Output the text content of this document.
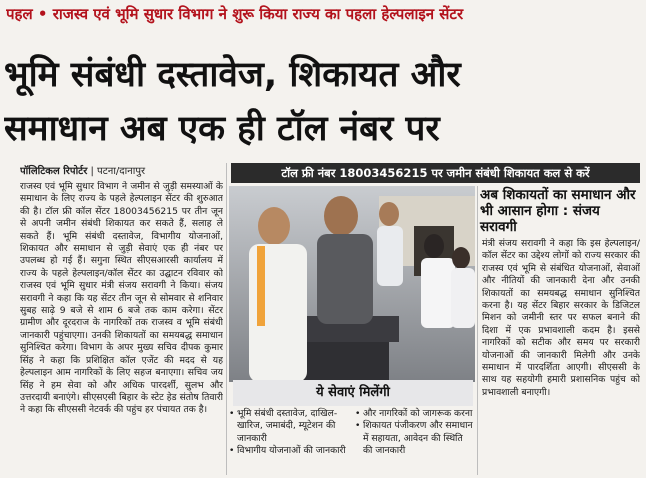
पहल • राजस्व एवं भूमि सुधार विभाग ने शुरू किया राज्य का पहला हेल्पलाइन सेंटर
भूमि संबंधी दस्तावेज, शिकायत और
समाधान अब एक ही टॉल नंबर पर
पॉलिटिकल रिपोर्टर | पटना/दानापुर
राजस्व एवं भूमि सुधार विभाग ने जमीन से जुड़ी समस्याओं के समाधान के लिए राज्य के पहले हेल्पलाइन सेंटर की शुरुआत की है। टॉल फ्री कॉल सेंटर 18003456215 पर तीन जून से अपनी जमीन संबंधी शिकायत कर सकते हैं, सलाह ले सकते हैं। भूमि संबंधी दस्तावेज, विभागीय योजनाओं, शिकायत और समाधान से जुड़ी सेवाएं एक ही नंबर पर उपलब्ध हो गई हैं। सगुना स्थित सीएसआरसी कार्यालय में राज्य के पहले हेल्पलाइन/कॉल सेंटर का उद्घाटन रविवार को राजस्व एवं भूमि सुधार मंत्री संजय सरावगी ने किया। संजय सरावगी ने कहा कि यह सेंटर तीन जून से सोमवार से शनिवार सुबह साढ़े 9 बजे से शाम 6 बजे तक काम करेगा। सेंटर ग्रामीण और दूरदराज के नागरिकों तक राजस्व व भूमि संबंधी जानकारी पहुंचाएगा। उनकी शिकायतों का समयबद्ध समाधान सुनिश्चित करेगा। विभाग के अपर मुख्य सचिव दीपक कुमार सिंह ने कहा कि प्रशिक्षित कॉल एजेंट की मदद से यह हेल्पलाइन आम नागरिकों के लिए सहज बनाएगा। सचिव जय सिंह ने हम सेवा को और अधिक पारदर्शी, सुलभ और उत्तरदायी बनाएंगे। सीएसएसी बिहार के स्टेट हेड संतोष तिवारी ने कहा कि सीएससी नेटवर्क की पहुंच हर पंचायत तक है।
टॉल फ्री नंबर 18003456215 पर जमीन संबंधी शिकायत कल से करें
ये सेवाएं मिलेंगी
• भूमि संबंधी दस्तावेज, दाखिल-खारिज, जमाबंदी, म्यूटेशन की जानकारी
• विभागीय योजनाओं की जानकारी
• और नागरिकों को जागरूक करना
• शिकायत पंजीकरण और समाधान में सहायता, आवेदन की स्थिति की जानकारी
अब शिकायतों का समाधान और भी आसान होगा : संजय सरावगी
मंत्री संजय सरावगी ने कहा कि इस हेल्पलाइन/कॉल सेंटर का उद्देश्य लोगों को राज्य सरकार की राजस्व एवं भूमि से संबंधित योजनाओं, सेवाओं और नीतियों की जानकारी देना और उनकी शिकायतों का समयबद्ध समाधान सुनिश्चित करना है। यह सेंटर बिहार सरकार के डिजिटल मिशन को जमीनी स्तर पर सफल बनाने की दिशा में एक प्रभावशाली कदम है। इससे नागरिकों को सटीक और समय पर सरकारी योजनाओं की जानकारी मिलेगी और उनके समाधान में पारदर्शिता आएगी। सीएससी के साथ यह सहयोगी हमारी प्रशासनिक पहुंच को प्रभावशाली बनाएगी।
